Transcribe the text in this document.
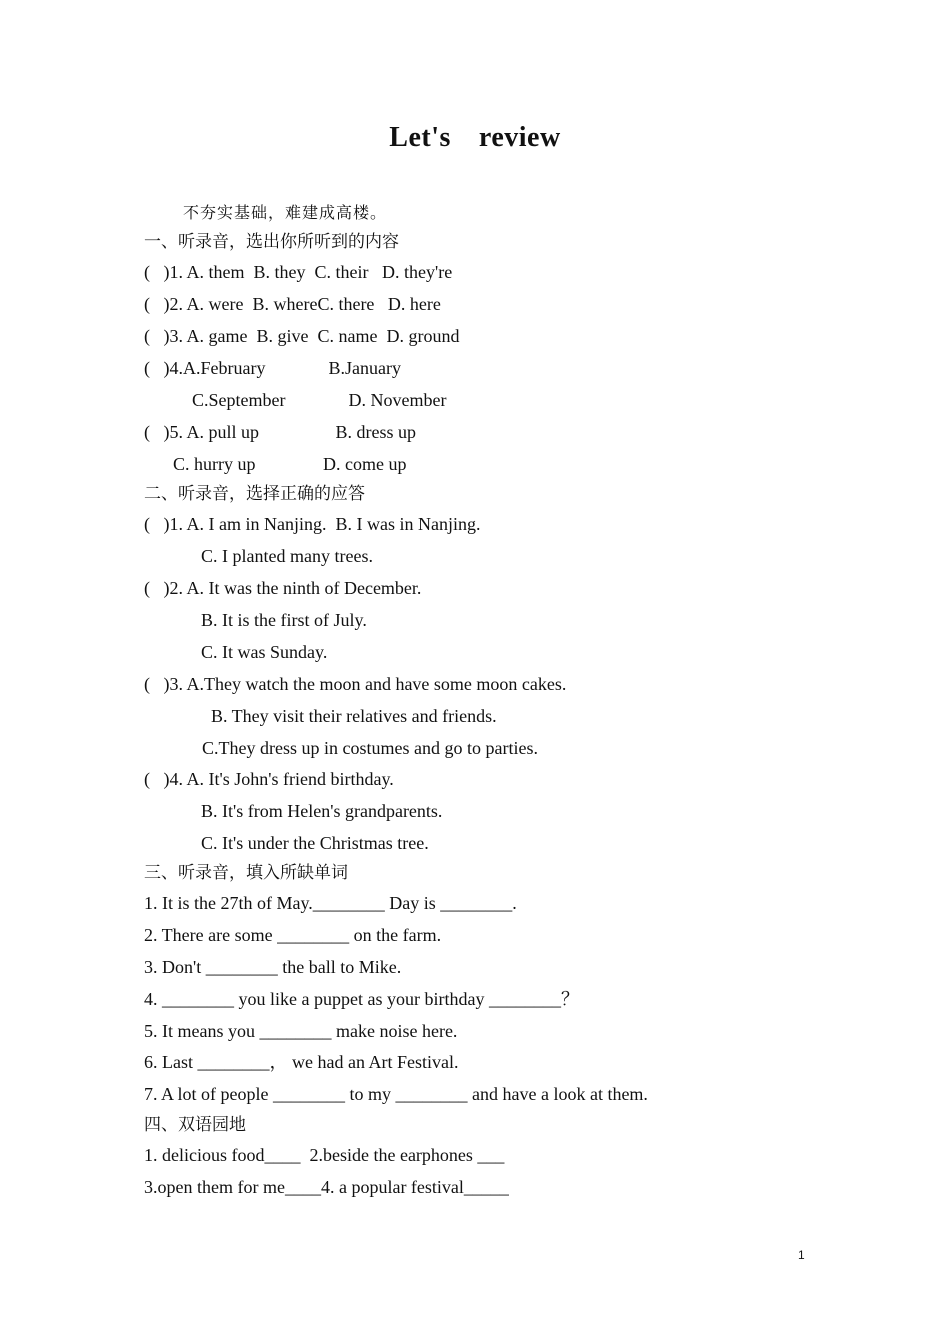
Let's review
不夯实基础，难建成高楼。
一、听录音，选出你所听到的内容
(   )1. A. them  B. they  C. their   D. they're
(   )2. A. were  B. whereC. there   D. here
(   )3. A. game  B. give  C. name  D. ground
(   )4.A.February              B.January
C.September              D. November
(   )5. A. pull up                 B. dress up
C. hurry up               D. come up
二、听录音，选择正确的应答
(   )1. A. I am in Nanjing.  B. I was in Nanjing.
C. I planted many trees.
(   )2. A. It was the ninth of December.
B. It is the first of July.
C. It was Sunday.
(   )3. A.They watch the moon and have some moon cakes.
B. They visit their relatives and friends.
C.They dress up in costumes and go to parties.
(   )4. A. It's John's friend birthday.
B. It's from Helen's grandparents.
C. It's under the Christmas tree.
三、听录音，填入所缺单词
1. It is the 27th of May.________ Day is ________.
2. There are some ________ on the farm.
3. Don't ________ the ball to Mike.
4. ________ you like a puppet as your birthday ________？
5. It means you ________ make noise here.
6. Last ________， we had an Art Festival.
7. A lot of people ________ to my ________ and have a look at them.
四、双语园地
1. delicious food____  2.beside the earphones ___
3.open them for me____4. a popular festival_____
1
